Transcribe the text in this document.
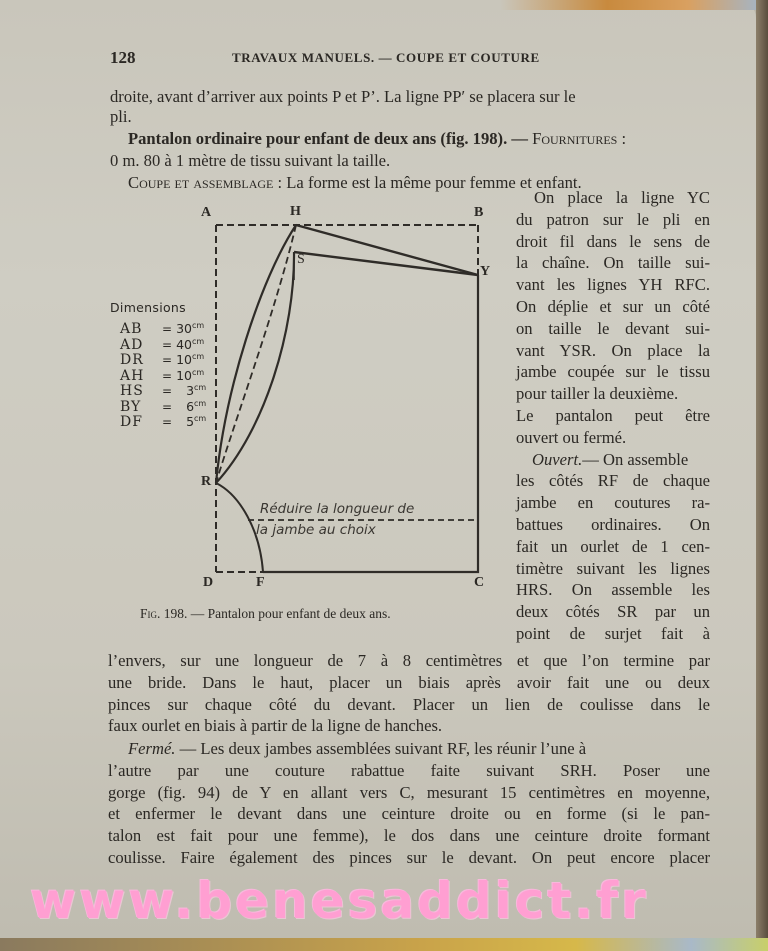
128	TRAVAUX MANUELS. — COUPE ET COUTURE
droite, avant d’arriver aux points P et P’. La ligne PP′ se placera sur le
pli.
Pantalon ordinaire pour enfant de deux ans (fig. 198). — Fournitures :
0 m. 80 à 1 mètre de tissu suivant la taille.
Coupe et assemblage : La forme est la même pour femme et enfant.
On place la ligne YC
du patron sur le pli en
droit fil dans le sens de
la chaîne. On taille sui-
vant les lignes YH RFC.
On déplie et sur un côté
on taille le devant sui-
vant YSR. On place la
jambe coupée sur le tissu
pour tailler la deuxième.
Le pantalon peut être
ouvert ou fermé.
Ouvert.— On assemble
les côtés RF de chaque
jambe en coutures ra-
battues ordinaires. On
fait un ourlet de 1 cen-
timètre suivant les lignes
HRS. On assemble les
deux côtés SR par un
point de surjet fait à
A	H	B
S
Y
R
D	F	C
Réduire la longueur de
la jambe au choix
Dimensions
AB = $30^{cm}$
AD = $40^{cm}$
DR = $10^{cm}$
AH = $10^{cm}$
HS = $3^{cm}$
BY = $6^{cm}$
DF = $5^{cm}$
Fig. 198. — Pantalon pour enfant de deux ans.
l’envers, sur une longueur de 7 à 8 centimètres et que l’on termine par
une bride. Dans le haut, placer un biais après avoir fait une ou deux
pinces sur chaque côté du devant. Placer un lien de coulisse dans le
faux ourlet en biais à partir de la ligne de hanches.
Fermé. — Les deux jambes assemblées suivant RF, les réunir l’une à
l’autre par une couture rabattue faite suivant SRH. Poser une
gorge (fig. 94) de Y en allant vers C, mesurant 15 centimètres en moyenne,
et enfermer le devant dans une ceinture droite ou en forme (si le pan-
talon est fait pour une femme), le dos dans une ceinture droite formant
coulisse. Faire également des pinces sur le devant. On peut encore placer
www.benesaddict.fr
